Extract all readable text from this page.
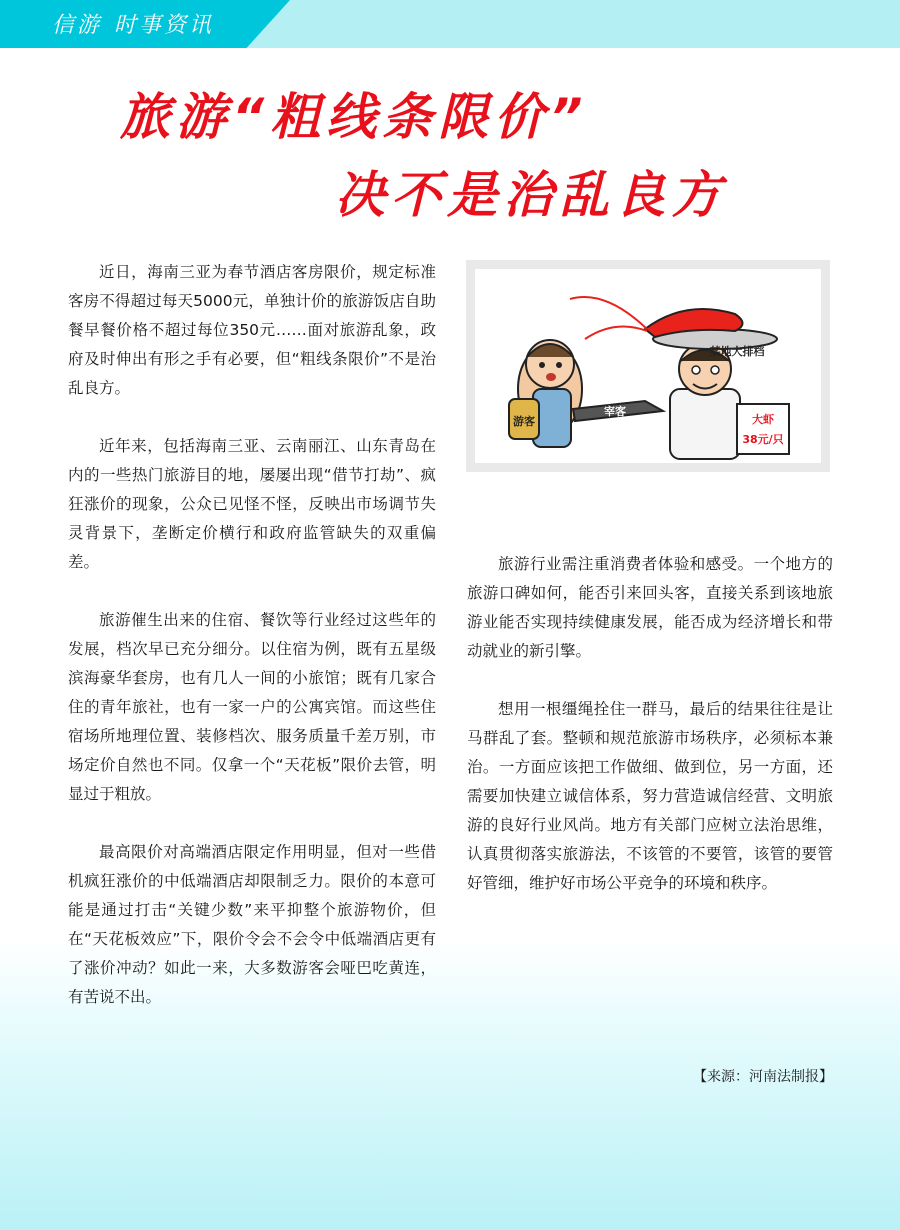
信游 时事资讯
旅游“粗线条限价”
决不是治乱良方

近日，海南三亚为春节酒店客房限价，规定标准客房不得超过每天5000元，单独计价的旅游饭店自助餐早餐价格不超过每位350元……面对旅游乱象，政府及时伸出有形之手有必要，但“粗线条限价”不是治乱良方。

近年来，包括海南三亚、云南丽江、山东青岛在内的一些热门旅游目的地，屡屡出现“借节打劫”、疯狂涨价的现象，公众已见怪不怪，反映出市场调节失灵背景下，垄断定价横行和政府监管缺失的双重偏差。

旅游催生出来的住宿、餐饮等行业经过这些年的发展，档次早已充分细分。以住宿为例，既有五星级滨海豪华套房，也有几人一间的小旅馆；既有几家合住的青年旅社，也有一家一户的公寓宾馆。而这些住宿场所地理位置、装修档次、服务质量千差万别，市场定价自然也不同。仅拿一个“天花板”限价去管，明显过于粗放。

最高限价对高端酒店限定作用明显，但对一些借机疯狂涨价的中低端酒店却限制乏力。限价的本意可能是通过打击“关键少数”来平抑整个旅游物价，但在“天花板效应”下，限价令会不会令中低端酒店更有了涨价冲动？如此一来，大多数游客会哑巴吃黄连，有苦说不出。

游客
宰客
某地大排档
大虾
38元/只

旅游行业需注重消费者体验和感受。一个地方的旅游口碑如何，能否引来回头客，直接关系到该地旅游业能否实现持续健康发展，能否成为经济增长和带动就业的新引擎。

想用一根缰绳拴住一群马，最后的结果往往是让马群乱了套。整顿和规范旅游市场秩序，必须标本兼治。一方面应该把工作做细、做到位，另一方面，还需要加快建立诚信体系，努力营造诚信经营、文明旅游的良好行业风尚。地方有关部门应树立法治思维，认真贯彻落实旅游法，不该管的不要管，该管的要管好管细，维护好市场公平竞争的环境和秩序。

【来源：河南法制报】
